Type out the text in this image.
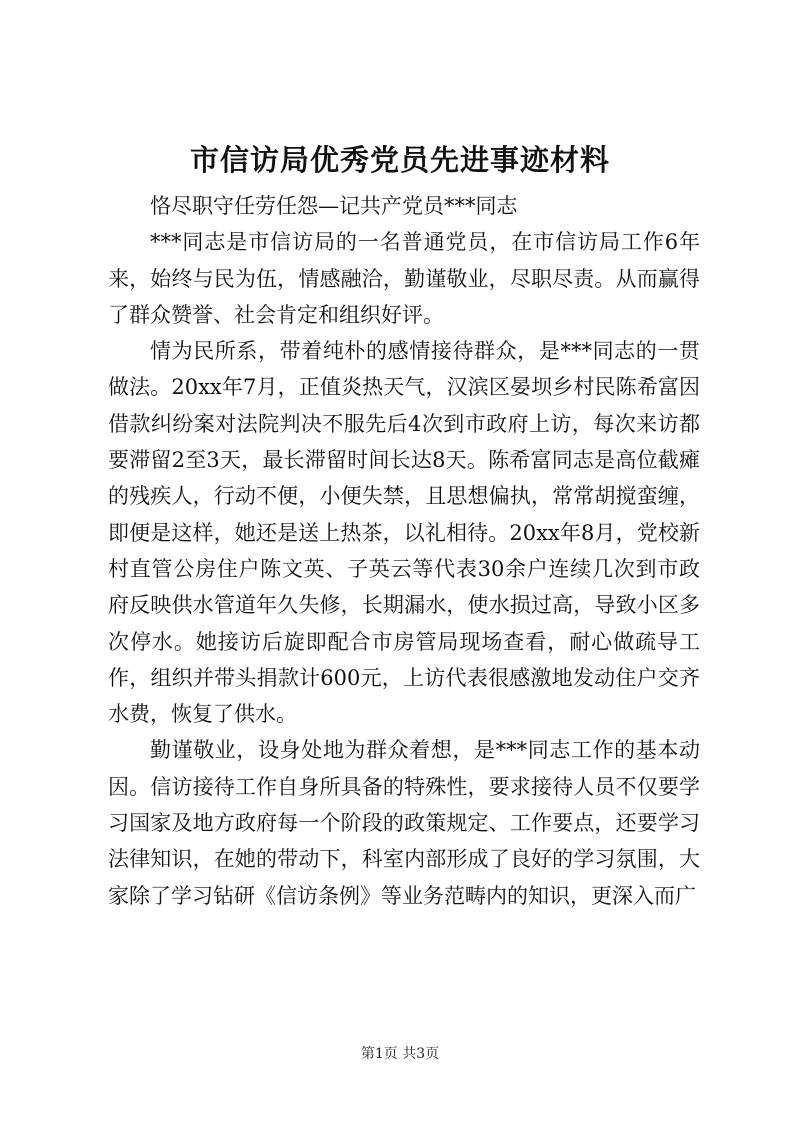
市信访局优秀党员先进事迹材料

恪尽职守任劳任怨—记共产党员***同志

***同志是市信访局的一名普通党员，在市信访局工作6年来，始终与民为伍，情感融洽，勤谨敬业，尽职尽责。从而赢得了群众赞誉、社会肯定和组织好评。

情为民所系，带着纯朴的感情接待群众，是***同志的一贯做法。20xx年7月，正值炎热天气，汉滨区晏坝乡村民陈希富因借款纠纷案对法院判决不服先后4次到市政府上访，每次来访都要滞留2至3天，最长滞留时间长达8天。陈希富同志是高位截瘫的残疾人，行动不便，小便失禁，且思想偏执，常常胡搅蛮缠，即便是这样，她还是送上热茶，以礼相待。20xx年8月，党校新村直管公房住户陈文英、子英云等代表30余户连续几次到市政府反映供水管道年久失修，长期漏水，使水损过高，导致小区多次停水。她接访后旋即配合市房管局现场查看，耐心做疏导工作，组织并带头捐款计600元，上访代表很感激地发动住户交齐水费，恢复了供水。

勤谨敬业，设身处地为群众着想，是***同志工作的基本动因。信访接待工作自身所具备的特殊性，要求接待人员不仅要学习国家及地方政府每一个阶段的政策规定、工作要点，还要学习法律知识，在她的带动下，科室内部形成了良好的学习氛围，大家除了学习钻研《信访条例》等业务范畴内的知识，更深入而广

第1页 共3页
